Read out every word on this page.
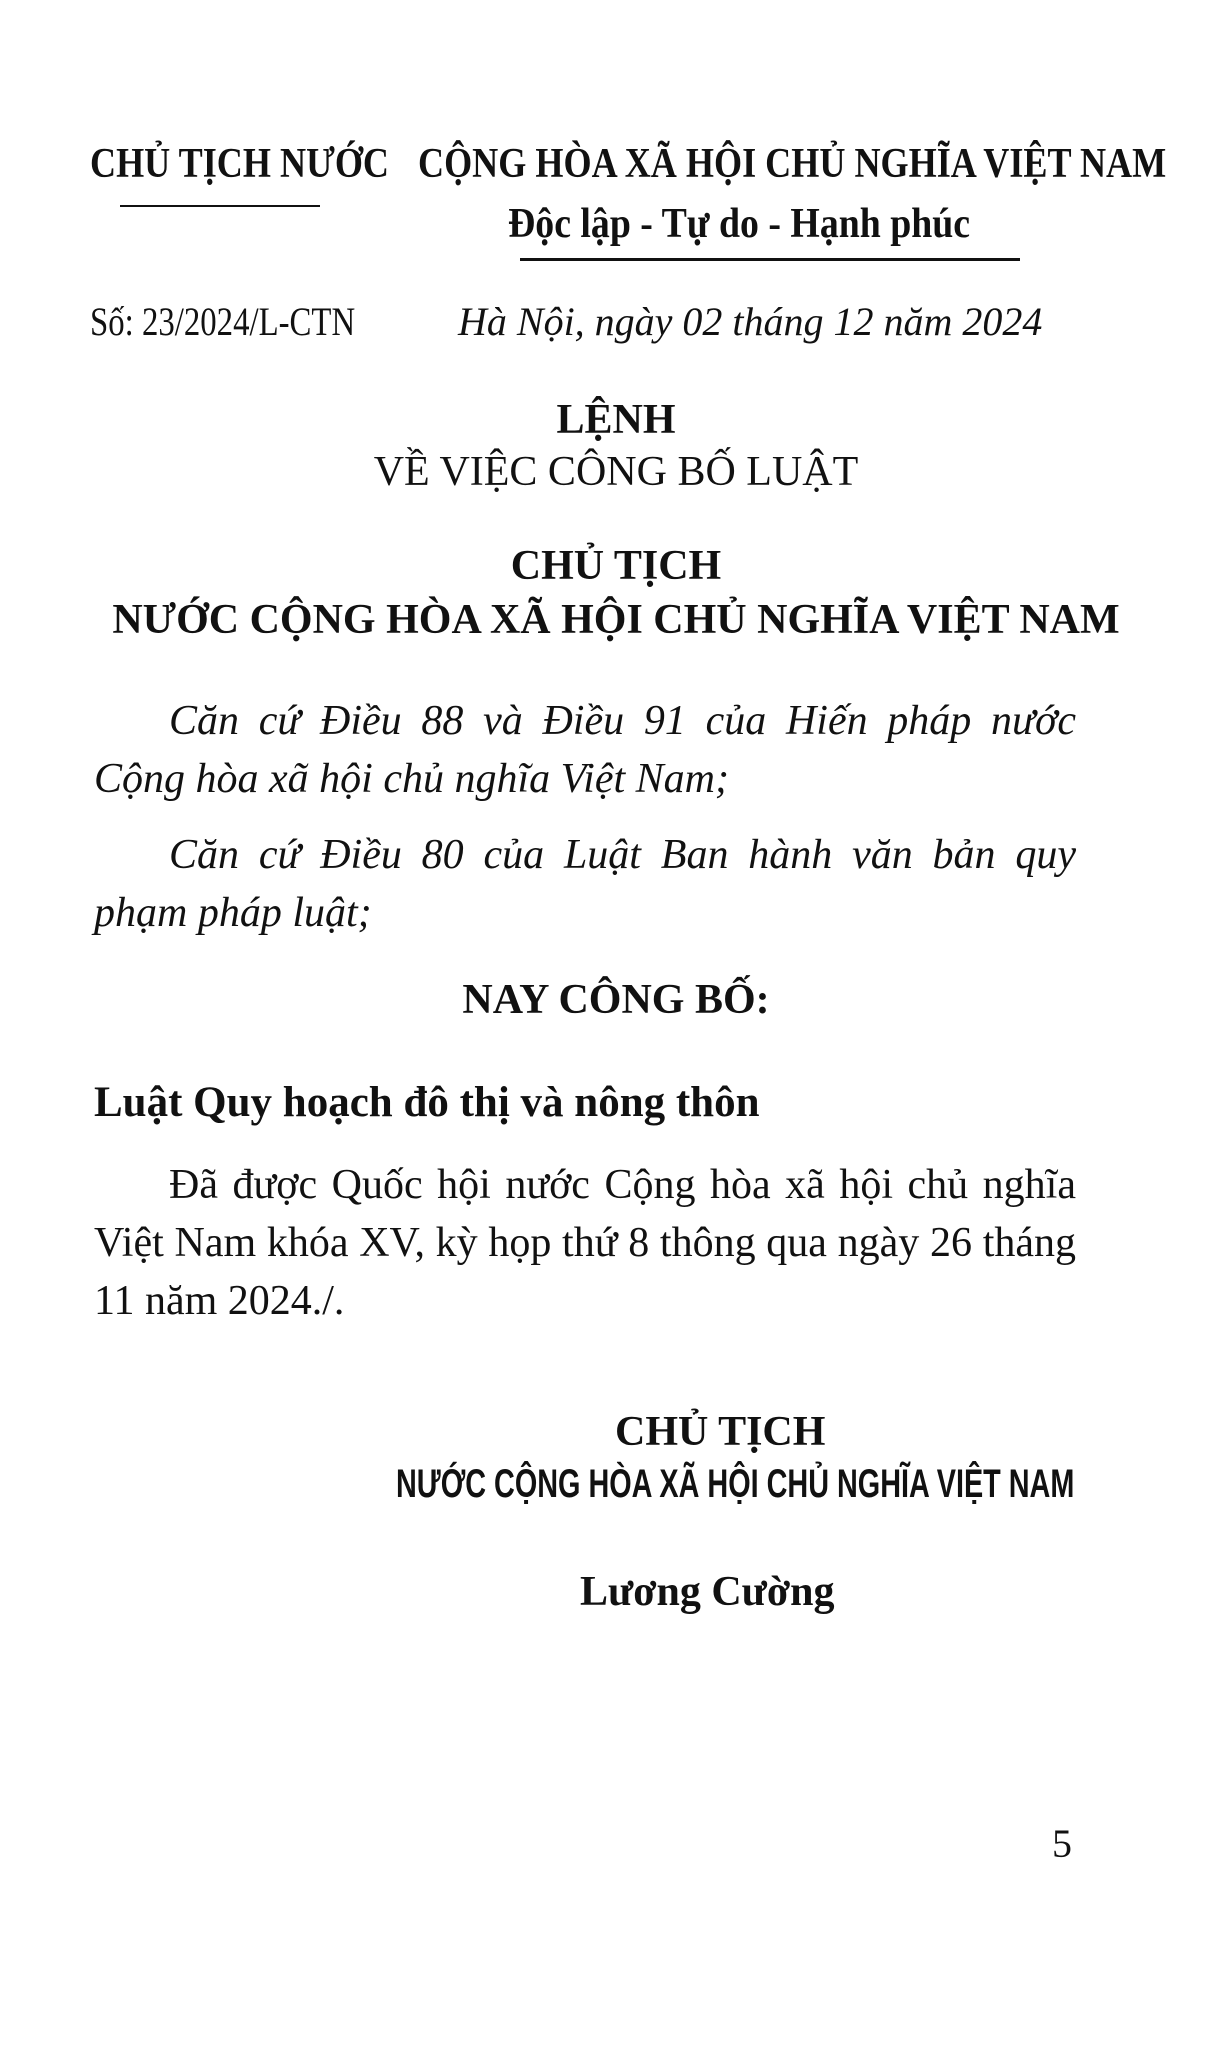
CHỦ TỊCH NƯỚC CỘNG HÒA XÃ HỘI CHỦ NGHĨA VIỆT NAM
Độc lập - Tự do - Hạnh phúc
Số: 23/2024/L-CTN	Hà Nội, ngày 02 tháng 12 năm 2024
LỆNH
VỀ VIỆC CÔNG BỐ LUẬT
CHỦ TỊCH
NƯỚC CỘNG HÒA XÃ HỘI CHỦ NGHĨA VIỆT NAM

Căn cứ Điều 88 và Điều 91 của Hiến pháp nước Cộng hòa xã hội chủ nghĩa Việt Nam;

Căn cứ Điều 80 của Luật Ban hành văn bản quy phạm pháp luật;

NAY CÔNG BỐ:
Luật Quy hoạch đô thị và nông thôn

Đã được Quốc hội nước Cộng hòa xã hội chủ nghĩa Việt Nam khóa XV, kỳ họp thứ 8 thông qua ngày 26 tháng 11 năm 2024./.

CHỦ TỊCH
NƯỚC CỘNG HÒA XÃ HỘI CHỦ NGHĨA VIỆT NAM
Lương Cường
5
